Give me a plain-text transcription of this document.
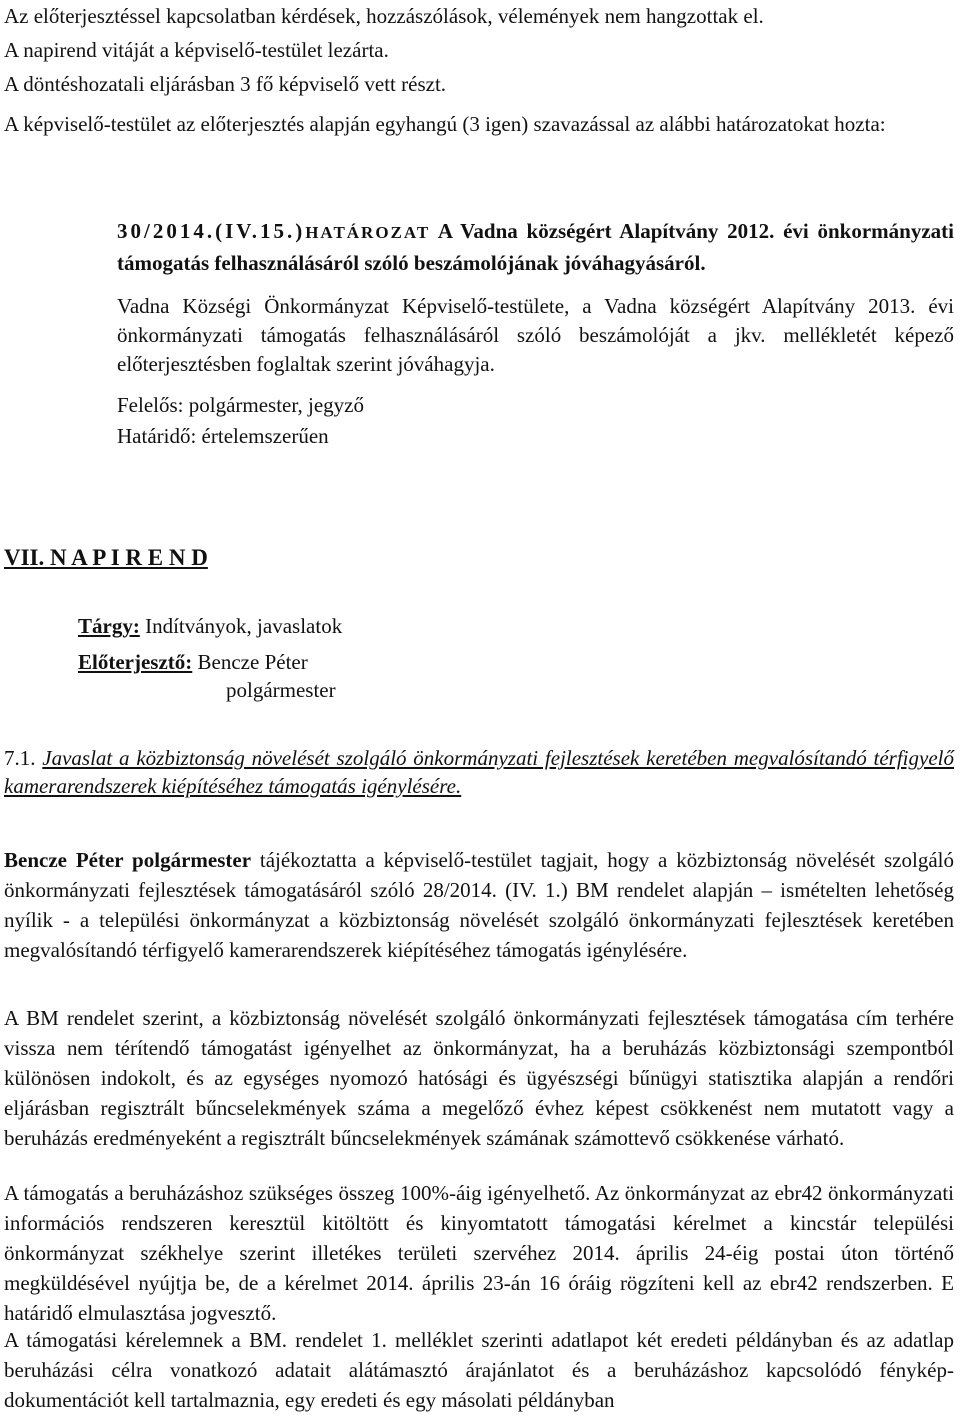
Az előterjesztéssel kapcsolatban kérdések, hozzászólások, vélemények nem hangzottak el.

A napirend vitáját a képviselő-testület lezárta.

A döntéshozatali eljárásban 3 fő képviselő vett részt.

A képviselő-testület az előterjesztés alapján egyhangú (3 igen) szavazással az alábbi határozatokat hozta:

30/2014.(IV.15.)HATÁROZAT A Vadna községért Alapítvány 2012. évi önkormányzati támogatás felhasználásáról szóló beszámolójának jóváhagyásáról.

Vadna Községi Önkormányzat Képviselő-testülete, a Vadna községért Alapítvány 2013. évi önkormányzati támogatás felhasználásáról szóló beszámolóját a jkv. mellékletét képező előterjesztésben foglaltak szerint jóváhagyja.

Felelős: polgármester, jegyző

Határidő: értelemszerűen

VII. N A P I R E N D

Tárgy: Indítványok, javaslatok

Előterjesztő: Bencze Péter

polgármester

7.1. Javaslat a közbiztonság növelését szolgáló önkormányzati fejlesztések keretében megvalósítandó térfigyelő kamerarendszerek kiépítéséhez támogatás igénylésére.

Bencze Péter polgármester tájékoztatta a képviselő-testület tagjait, hogy a közbiztonság növelését szolgáló önkormányzati fejlesztések támogatásáról szóló 28/2014. (IV. 1.) BM rendelet alapján – ismételten lehetőség nyílik - a települési önkormányzat a közbiztonság növelését szolgáló önkormányzati fejlesztések keretében megvalósítandó térfigyelő kamerarendszerek kiépítéséhez támogatás igénylésére.

A BM rendelet szerint, a közbiztonság növelését szolgáló önkormányzati fejlesztések támogatása cím terhére vissza nem térítendő támogatást igényelhet az önkormányzat, ha a beruházás közbiztonsági szempontból különösen indokolt, és az egységes nyomozó hatósági és ügyészségi bűnügyi statisztika alapján a rendőri eljárásban regisztrált bűncselekmények száma a megelőző évhez képest csökkenést nem mutatott vagy a beruházás eredményeként a regisztrált bűncselekmények számának számottevő csökkenése várható.

A támogatás a beruházáshoz szükséges összeg 100%-áig igényelhető. Az önkormányzat az ebr42 önkormányzati információs rendszeren keresztül kitöltött és kinyomtatott támogatási kérelmet a kincstár települési önkormányzat székhelye szerint illetékes területi szervéhez 2014. április 24-éig postai úton történő megküldésével nyújtja be, de a kérelmet 2014. április 23-án 16 óráig rögzíteni kell az ebr42 rendszerben. E határidő elmulasztása jogvesztő.

A támogatási kérelemnek a BM. rendelet 1. melléklet szerinti adatlapot két eredeti példányban és az adatlap beruházási célra vonatkozó adatait alátámasztó árajánlatot és a beruházáshoz kapcsolódó fénykép-dokumentációt kell tartalmaznia, egy eredeti és egy másolati példányban
